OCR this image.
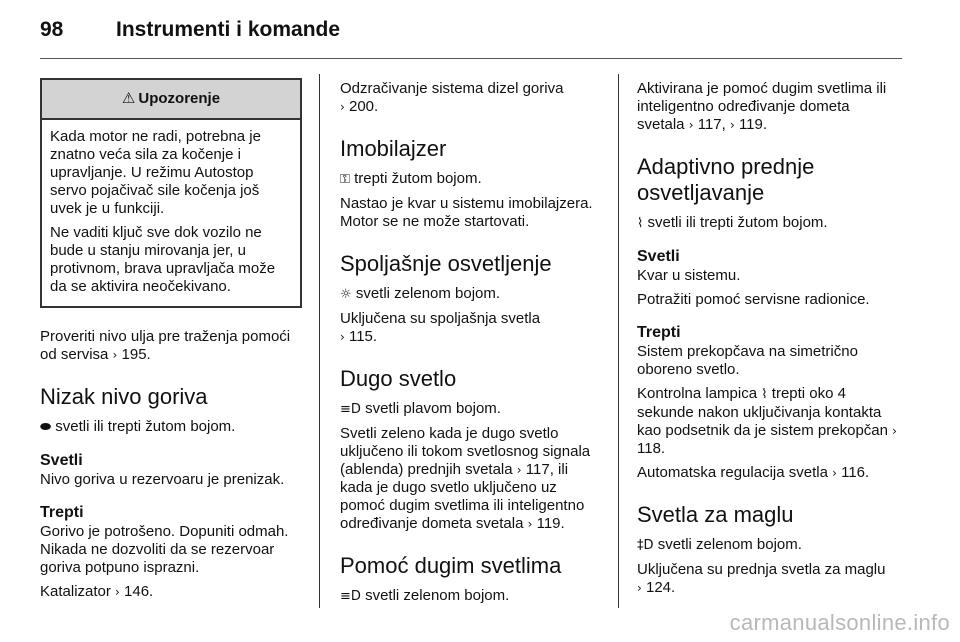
98	Instrumenti i komande
⚠ Upozorenje

Kada motor ne radi, potrebna je znatno veća sila za kočenje i upravljanje. U režimu Autostop servo pojačivač sile kočenja još uvek je u funkciji.

Ne vaditi ključ sve dok vozilo ne bude u stanju mirovanja jer, u protivnom, brava upravljača može da se aktivira neočekivano.

Proveriti nivo ulja pre traženja pomoći od servisa › 195.

Nizak nivo goriva

⬬ svetli ili trepti žutom bojom.

Svetli

Nivo goriva u rezervoaru je prenizak.

Trepti

Gorivo je potrošeno. Dopuniti odmah. Nikada ne dozvoliti da se rezervoar goriva potpuno isprazni.

Katalizator › 146.

Odzračivanje sistema dizel goriva
› 200.

Imobilajzer

⚿ trepti žutom bojom.

Nastao je kvar u sistemu imobilajzera. Motor se ne može startovati.

Spoljašnje osvetljenje

☼ svetli zelenom bojom.

Uključena su spoljašnja svetla
› 115.

Dugo svetlo

≡D svetli plavom bojom.

Svetli zeleno kada je dugo svetlo uključeno ili tokom svetlosnog signala (ablenda) prednjih svetala › 117, ili kada je dugo svetlo uključeno uz pomoć dugim svetlima ili inteligentno određivanje dometa svetala › 119.

Pomoć dugim svetlima

≡D svetli zelenom bojom.

Aktivirana je pomoć dugim svetlima ili inteligentno određivanje dometa svetala › 117, › 119.

Adaptivno prednje osvetljavanje

⌇ svetli ili trepti žutom bojom.

Svetli

Kvar u sistemu.

Potražiti pomoć servisne radionice.

Trepti

Sistem prekopčava na simetrično oboreno svetlo.

Kontrolna lampica ⌇ trepti oko 4 sekunde nakon uključivanja kontakta kao podsetnik da je sistem prekopčan › 118.

Automatska regulacija svetla › 116.

Svetla za maglu

‡D svetli zelenom bojom.

Uključena su prednja svetla za maglu
› 124.

carmanualsonline.info
